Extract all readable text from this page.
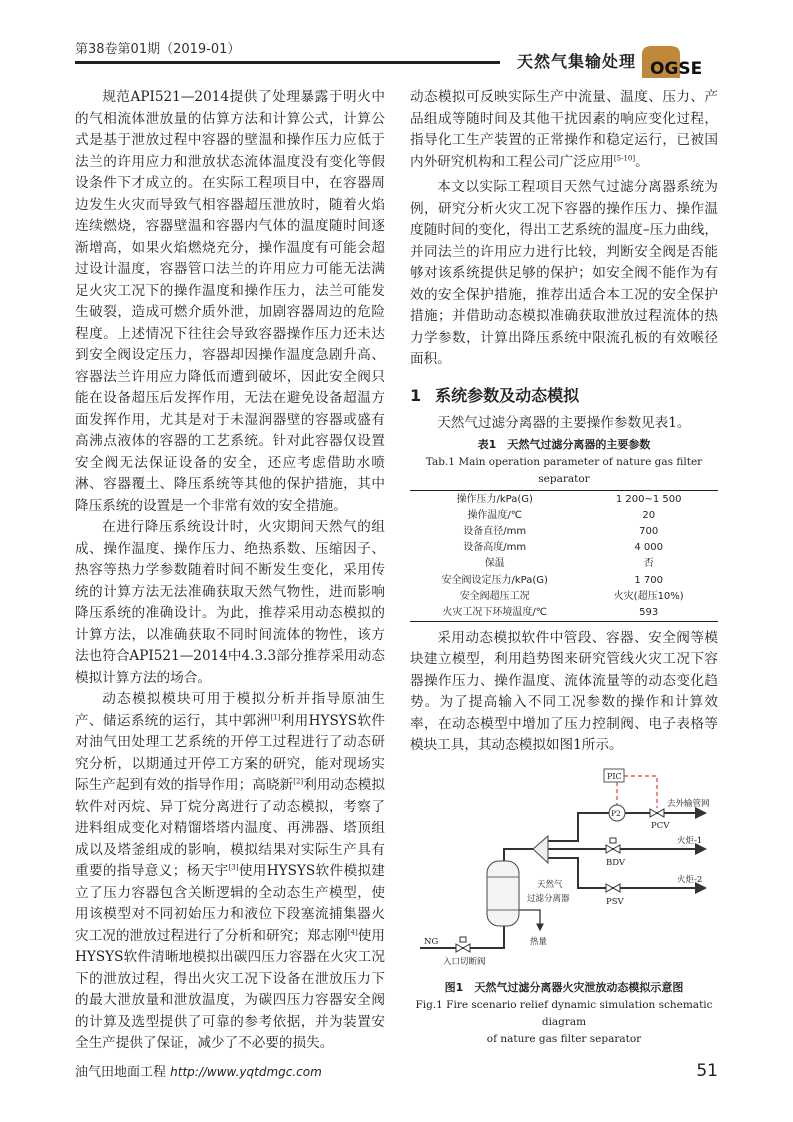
第38卷第01期（2019-01）
天然气集输处理 OGSE

规范API521—2014提供了处理暴露于明火中的气相流体泄放量的估算方法和计算公式，计算公式是基于泄放过程中容器的壁温和操作压力应低于法兰的许用应力和泄放状态流体温度没有变化等假设条件下才成立的。在实际工程项目中，在容器周边发生火灾而导致气相容器超压泄放时，随着火焰连续燃烧，容器壁温和容器内气体的温度随时间逐渐增高，如果火焰燃烧充分，操作温度有可能会超过设计温度，容器管口法兰的许用应力可能无法满足火灾工况下的操作温度和操作压力，法兰可能发生破裂，造成可燃介质外泄，加剧容器周边的危险程度。上述情况下往往会导致容器操作压力还未达到安全阀设定压力，容器却因操作温度急剧升高、容器法兰许用应力降低而遭到破坏，因此安全阀只能在设备超压后发挥作用，无法在避免设备超温方面发挥作用，尤其是对于未湿润器壁的容器或盛有高沸点液体的容器的工艺系统。针对此容器仅设置安全阀无法保证设备的安全，还应考虑借助水喷淋、容器覆土、降压系统等其他的保护措施，其中降压系统的设置是一个非常有效的安全措施。

在进行降压系统设计时，火灾期间天然气的组成、操作温度、操作压力、绝热系数、压缩因子、热容等热力学参数随着时间不断发生变化，采用传统的计算方法无法准确获取天然气物性，进而影响降压系统的准确设计。为此，推荐采用动态模拟的计算方法，以准确获取不同时间流体的物性，该方法也符合API521—2014中4.3.3部分推荐采用动态模拟计算方法的场合。

动态模拟模块可用于模拟分析并指导原油生产、储运系统的运行，其中郭洲[1]利用HYSYS软件对油气田处理工艺系统的开停工过程进行了动态研究分析，以期通过开停工方案的研究，能对现场实际生产起到有效的指导作用；高晓新[2]利用动态模拟软件对丙烷、异丁烷分离进行了动态模拟，考察了进料组成变化对精馏塔塔内温度、再沸器、塔顶组成以及塔釜组成的影响，模拟结果对实际生产具有重要的指导意义；杨天宇[3]使用HYSYS软件模拟建立了压力容器包含关断逻辑的全动态生产模型，使用该模型对不同初始压力和液位下段塞流捕集器火灾工况的泄放过程进行了分析和研究；郑志刚[4]使用HYSYS软件清晰地模拟出碳四压力容器在火灾工况下的泄放过程，得出火灾工况下设备在泄放压力下的最大泄放量和泄放温度，为碳四压力容器安全阀的计算及选型提供了可靠的参考依据，并为装置安全生产提供了保证，减少了不必要的损失。

动态模拟可反映实际生产中流量、温度、压力、产品组成等随时间及其他干扰因素的响应变化过程，指导化工生产装置的正常操作和稳定运行，已被国内外研究机构和工程公司广泛应用[5-10]。

本文以实际工程项目天然气过滤分离器系统为例，研究分析火灾工况下容器的操作压力、操作温度随时间的变化，得出工艺系统的温度–压力曲线，并同法兰的许用应力进行比较，判断安全阀是否能够对该系统提供足够的保护；如安全阀不能作为有效的安全保护措施，推荐出适合本工况的安全保护措施；并借助动态模拟准确获取泄放过程流体的热力学参数，计算出降压系统中限流孔板的有效喉径面积。

1 系统参数及动态模拟

天然气过滤分离器的主要操作参数见表1。

表1　天然气过滤分离器的主要参数
Tab.1 Main operation parameter of nature gas filter separator
操作压力/kPa(G)	1 200~1 500
操作温度/℃	20
设备直径/mm	700
设备高度/mm	4 000
保温	否
安全阀设定压力/kPa(G)	1 700
安全阀超压工况	火灾(超压10%)
火灾工况下环境温度/℃	593

采用动态模拟软件中管段、容器、安全阀等模块建立模型，利用趋势图来研究管线火灾工况下容器操作压力、操作温度、流体流量等的动态变化趋势。为了提高输入不同工况参数的操作和计算效率，在动态模型中增加了压力控制阀、电子表格等模块工具，其动态模拟如图1所示。

PIC
P2
去外输管网
PCV
火炬-1
BDV
火炬-2
PSV
天然气
过滤分离器
热量
NG
入口切断阀
图1　天然气过滤分离器火灾泄放动态模拟示意图
Fig.1 Fire scenario relief dynamic simulation schematic diagram
of nature gas filter separator
油气田地面工程 http://www.yqtdmgc.com	51
